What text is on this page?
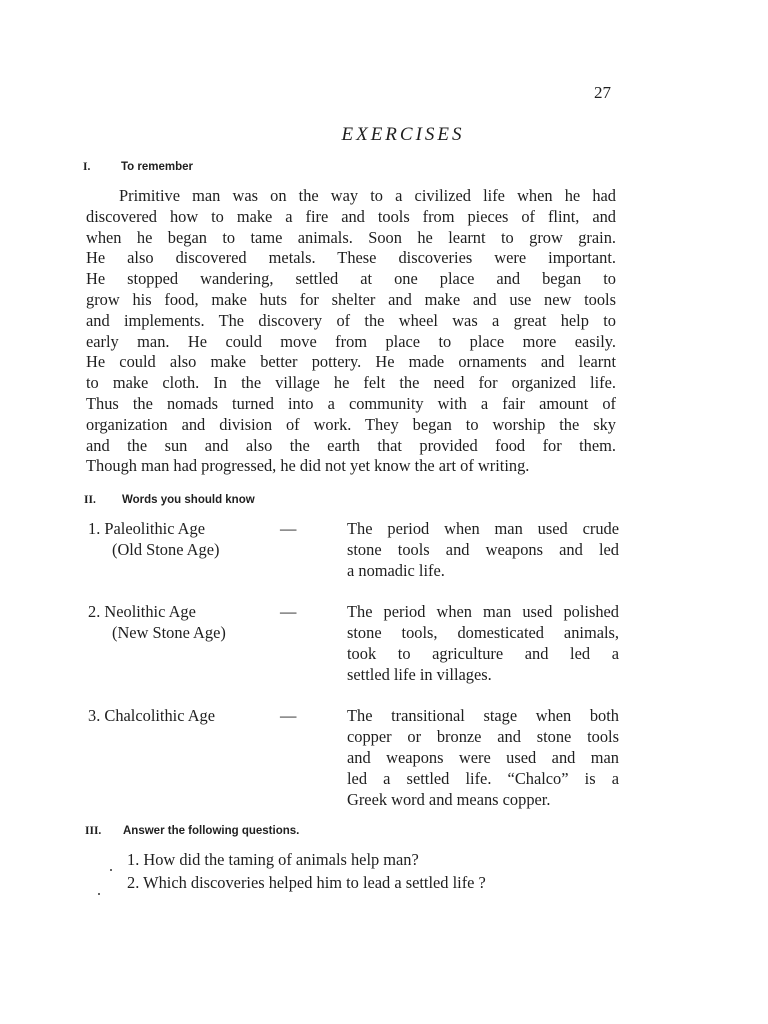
27
EXERCISES
I.	To remember
Primitive man was on the way to a civilized life when he had
discovered how to make a fire and tools from pieces of flint, and
when he began to tame animals. Soon he learnt to grow grain.
He also discovered metals. These discoveries were important.
He stopped wandering, settled at one place and began to
grow his food, make huts for shelter and make and use new tools
and implements. The discovery of the wheel was a great help to
early man. He could move from place to place more easily.
He could also make better pottery. He made ornaments and learnt
to make cloth. In the village he felt the need for organized life.
Thus the nomads turned into a community with a fair amount of
organization and division of work. They began to worship the sky
and the sun and also the earth that provided food for them.
Though man had progressed, he did not yet know the art of writing.
II. Words you should know
1. Paleolithic Age
(Old Stone Age)
—	The period when man used crude
stone tools and weapons and led
a nomadic life.
2. Neolithic Age
(New Stone Age)
—	The period when man used polished
stone tools, domesticated animals,
took to agriculture and led a
settled life in villages.
3. Chalcolithic Age	—	The transitional stage when both
copper or bronze and stone tools
and weapons were used and man
led a settled life. “Chalco” is a
Greek word and means copper.
III. Answer the following questions.
1. How did the taming of animals help man?
2. Which discoveries helped him to lead a settled life ?
